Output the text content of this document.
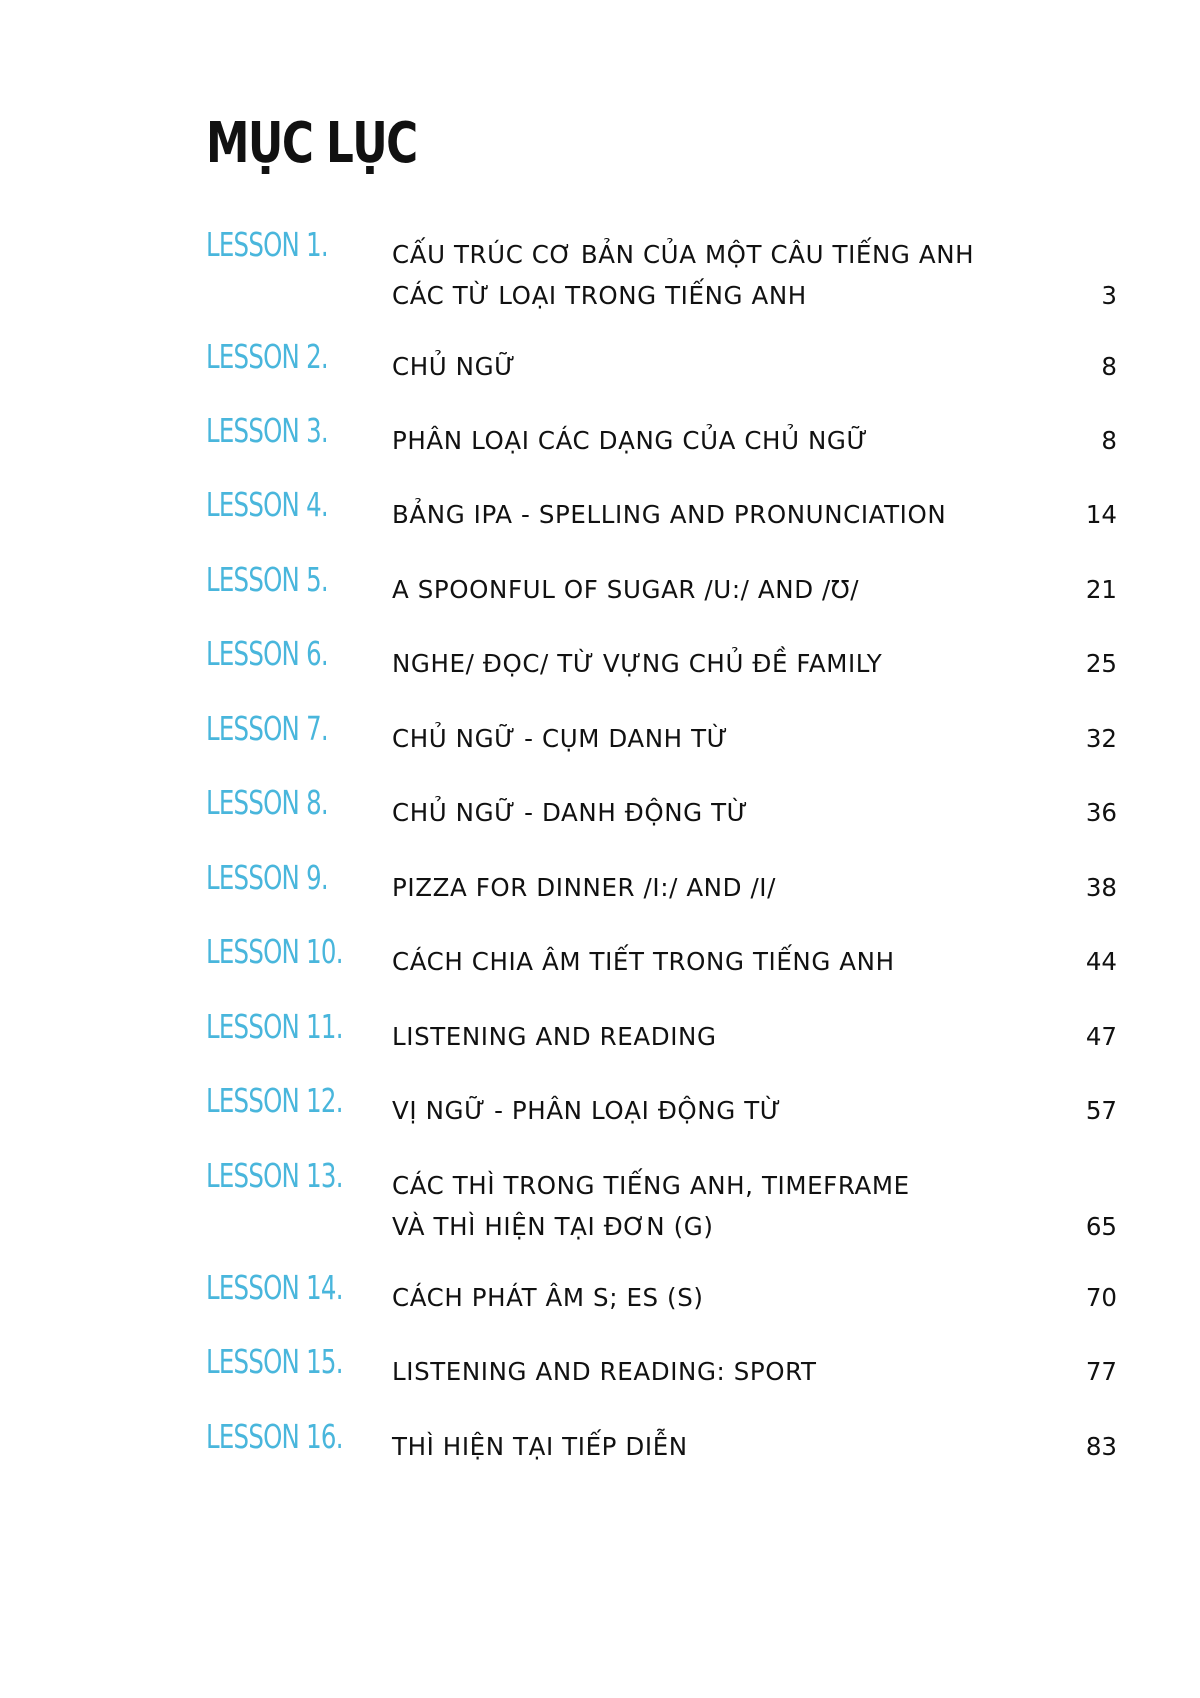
MỤC LỤC
LESSON 1.	CẤU TRÚC CƠ BẢN CỦA MỘT CÂU TIẾNG ANH
CÁC TỪ LOẠI TRONG TIẾNG ANH	3
LESSON 2.	CHỦ NGỮ	8
LESSON 3.	PHÂN LOẠI CÁC DẠNG CỦA CHỦ NGỮ	8
LESSON 4.	BẢNG IPA - SPELLING AND PRONUNCIATION	14
LESSON 5.	A SPOONFUL OF SUGAR /U:/ AND /Ʊ/	21
LESSON 6.	NGHE/ ĐỌC/ TỪ VỰNG CHỦ ĐỀ FAMILY	25
LESSON 7.	CHỦ NGỮ - CỤM DANH TỪ	32
LESSON 8.	CHỦ NGỮ - DANH ĐỘNG TỪ	36
LESSON 9.	PIZZA FOR DINNER /I:/ AND /I/	38
LESSON 10. CÁCH CHIA ÂM TIẾT TRONG TIẾNG ANH	44
LESSON 11. LISTENING AND READING	47
LESSON 12. VỊ NGỮ - PHÂN LOẠI ĐỘNG TỪ	57
LESSON 13. CÁC THÌ TRONG TIẾNG ANH, TIMEFRAME
VÀ THÌ HIỆN TẠI ĐƠN (G)	65
LESSON 14. CÁCH PHÁT ÂM S; ES (S)	70
LESSON 15. LISTENING AND READING: SPORT	77
LESSON 16. THÌ HIỆN TẠI TIẾP DIỄN	83
